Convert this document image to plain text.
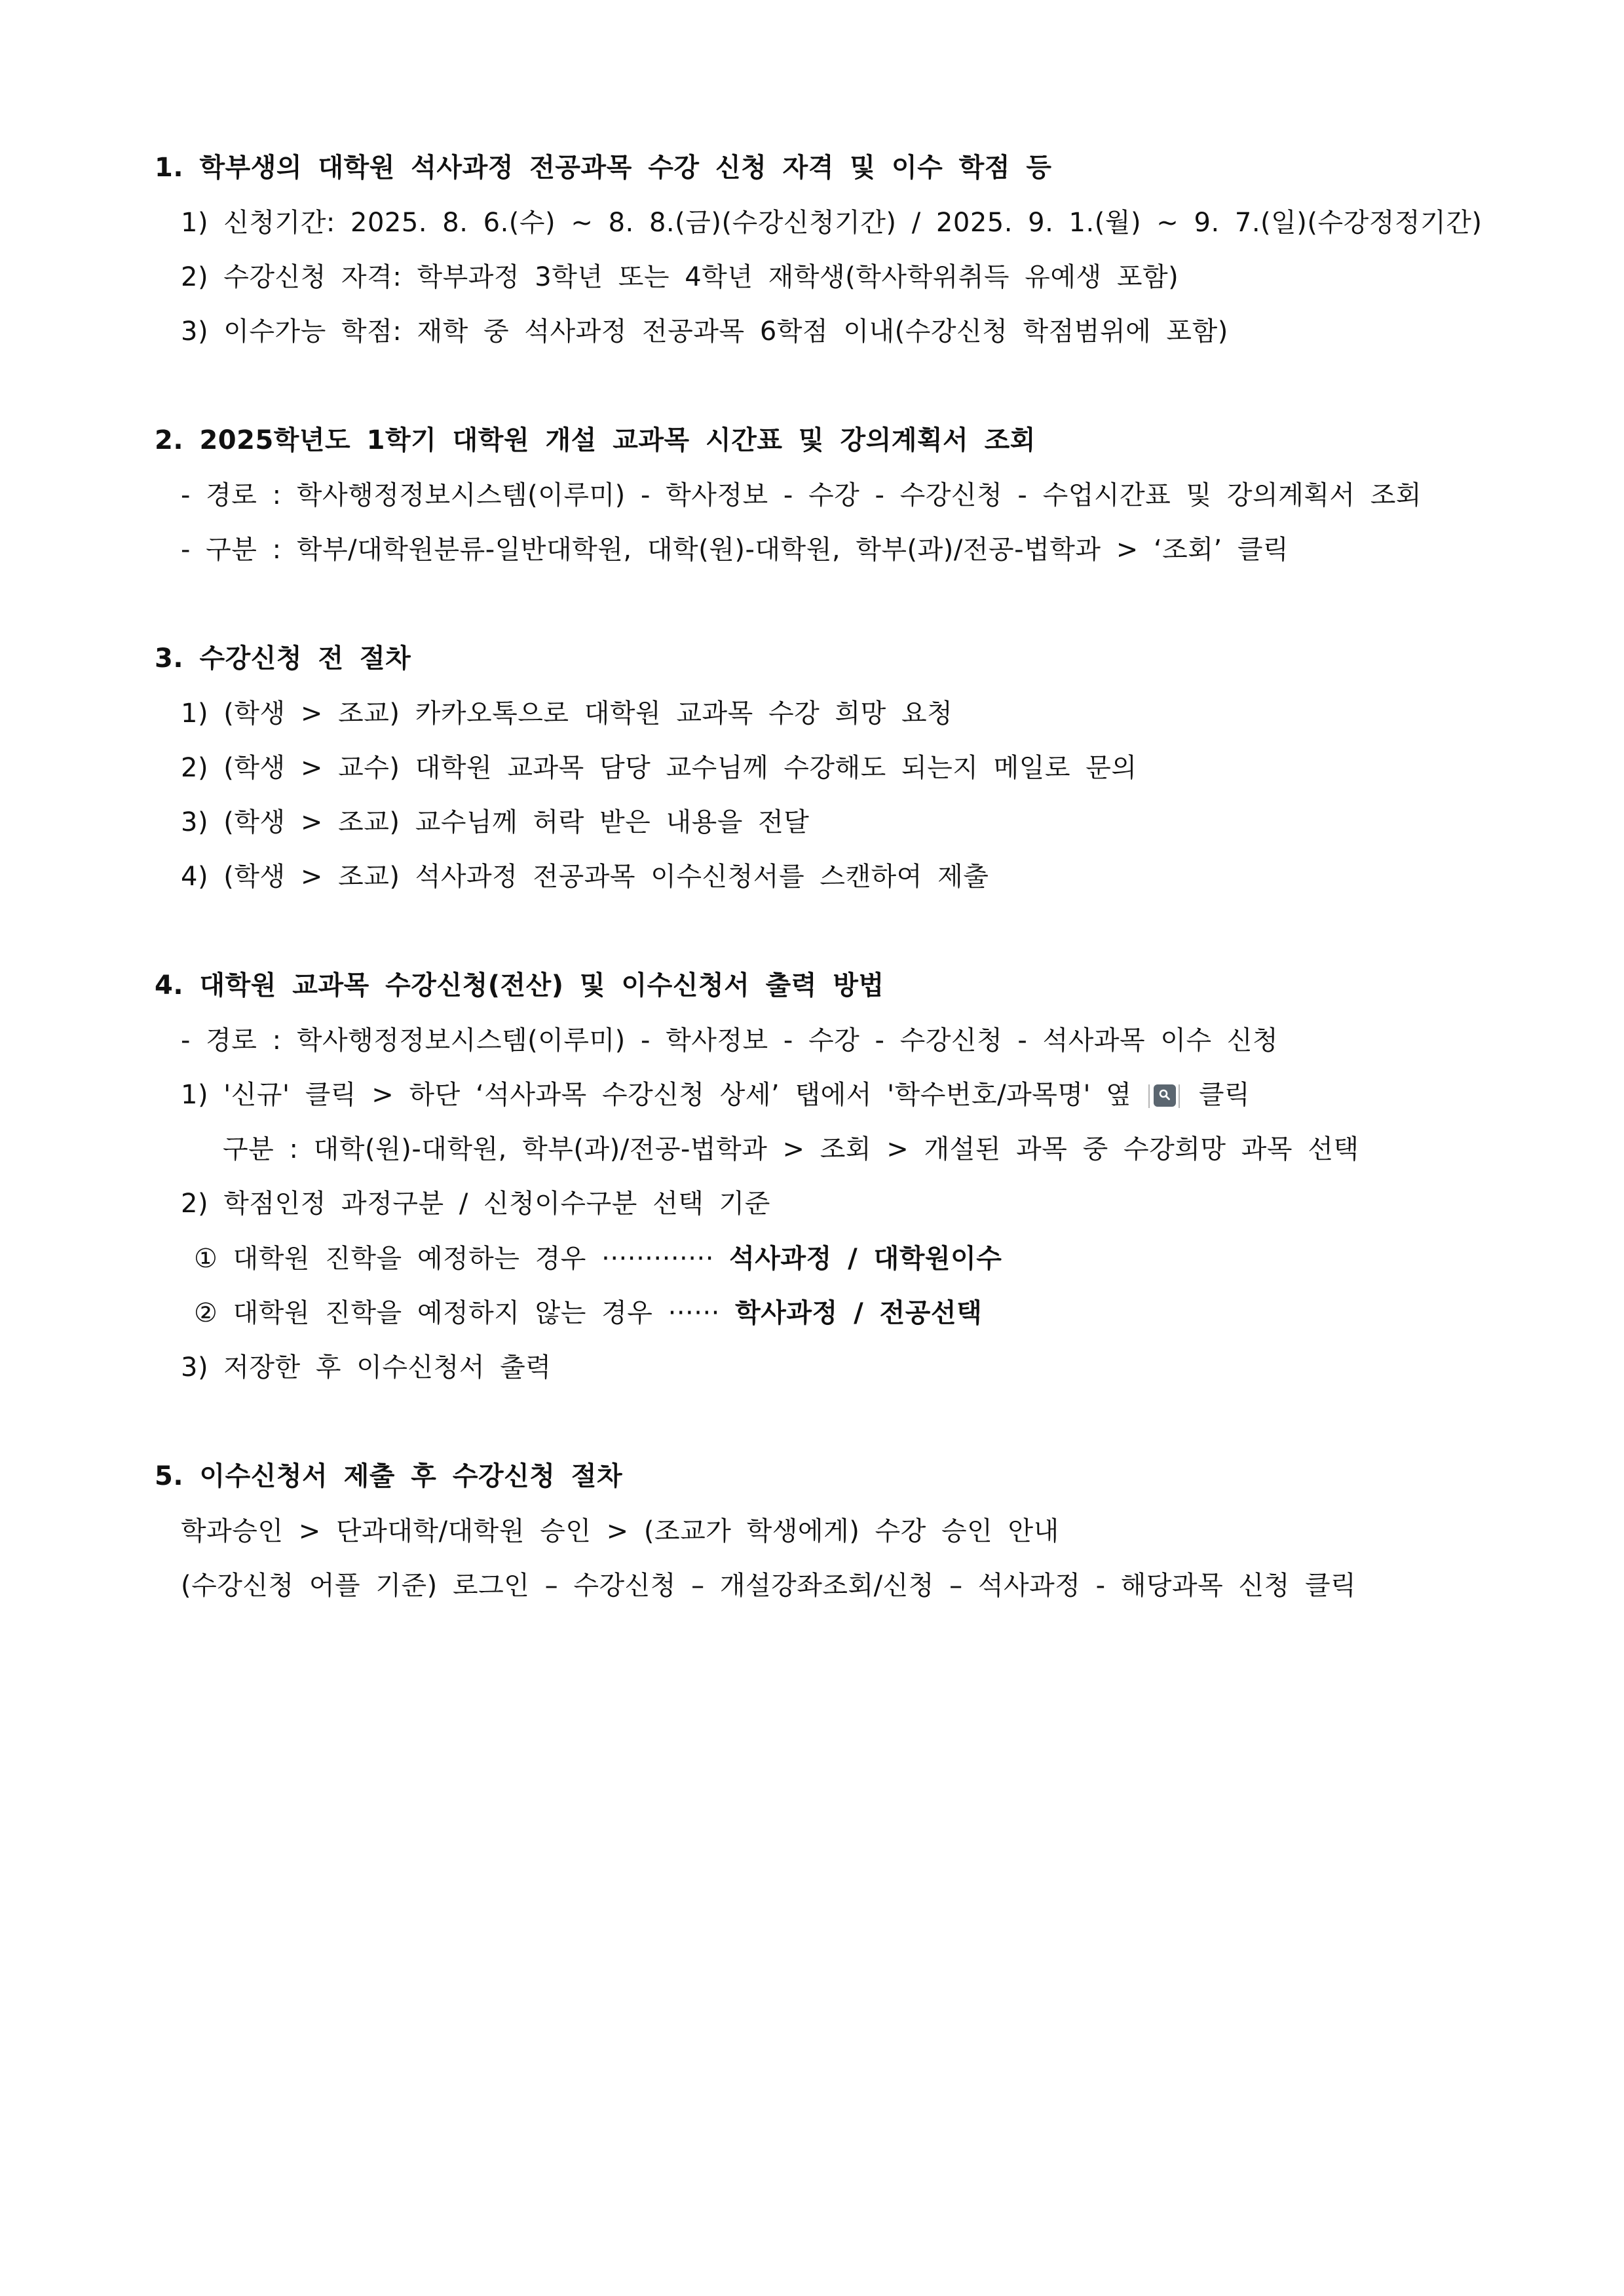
1. 학부생의 대학원 석사과정 전공과목 수강 신청 자격 및 이수 학점 등
1) 신청기간: 2025. 8. 6.(수) ~ 8. 8.(금)(수강신청기간) / 2025. 9. 1.(월) ~ 9. 7.(일)(수강정정기간)
2) 수강신청 자격: 학부과정 3학년 또는 4학년 재학생(학사학위취득 유예생 포함)
3) 이수가능 학점: 재학 중 석사과정 전공과목 6학점 이내(수강신청 학점범위에 포함)
2. 2025학년도 1학기 대학원 개설 교과목 시간표 및 강의계획서 조회
- 경로 : 학사행정정보시스템(이루미) - 학사정보 - 수강 - 수강신청 - 수업시간표 및 강의계획서 조회
- 구분 : 학부/대학원분류-일반대학원, 대학(원)-대학원, 학부(과)/전공-법학과 > ‘조회’ 클릭
3. 수강신청 전 절차
1) (학생 > 조교) 카카오톡으로 대학원 교과목 수강 희망 요청
2) (학생 > 교수) 대학원 교과목 담당 교수님께 수강해도 되는지 메일로 문의
3) (학생 > 조교) 교수님께 허락 받은 내용을 전달
4) (학생 > 조교) 석사과정 전공과목 이수신청서를 스캔하여 제출
4. 대학원 교과목 수강신청(전산) 및 이수신청서 출력 방법
- 경로 : 학사행정정보시스템(이루미) - 학사정보 - 수강 - 수강신청 - 석사과목 이수 신청
1) '신규' 클릭 > 하단 ‘석사과목 수강신청 상세’ 탭에서 '학수번호/과목명' 옆	클릭
구분 : 대학(원)-대학원, 학부(과)/전공-법학과 > 조회 > 개설된 과목 중 수강희망 과목 선택
2) 학점인정 과정구분 / 신청이수구분 선택 기준
① 대학원 진학을 예정하는 경우 ············· 석사과정 / 대학원이수
② 대학원 진학을 예정하지 않는 경우 ······ 학사과정 / 전공선택
3) 저장한 후 이수신청서 출력
5. 이수신청서 제출 후 수강신청 절차
학과승인 > 단과대학/대학원 승인 > (조교가 학생에게) 수강 승인 안내
(수강신청 어플 기준) 로그인 – 수강신청 – 개설강좌조회/신청 – 석사과정 - 해당과목 신청 클릭
